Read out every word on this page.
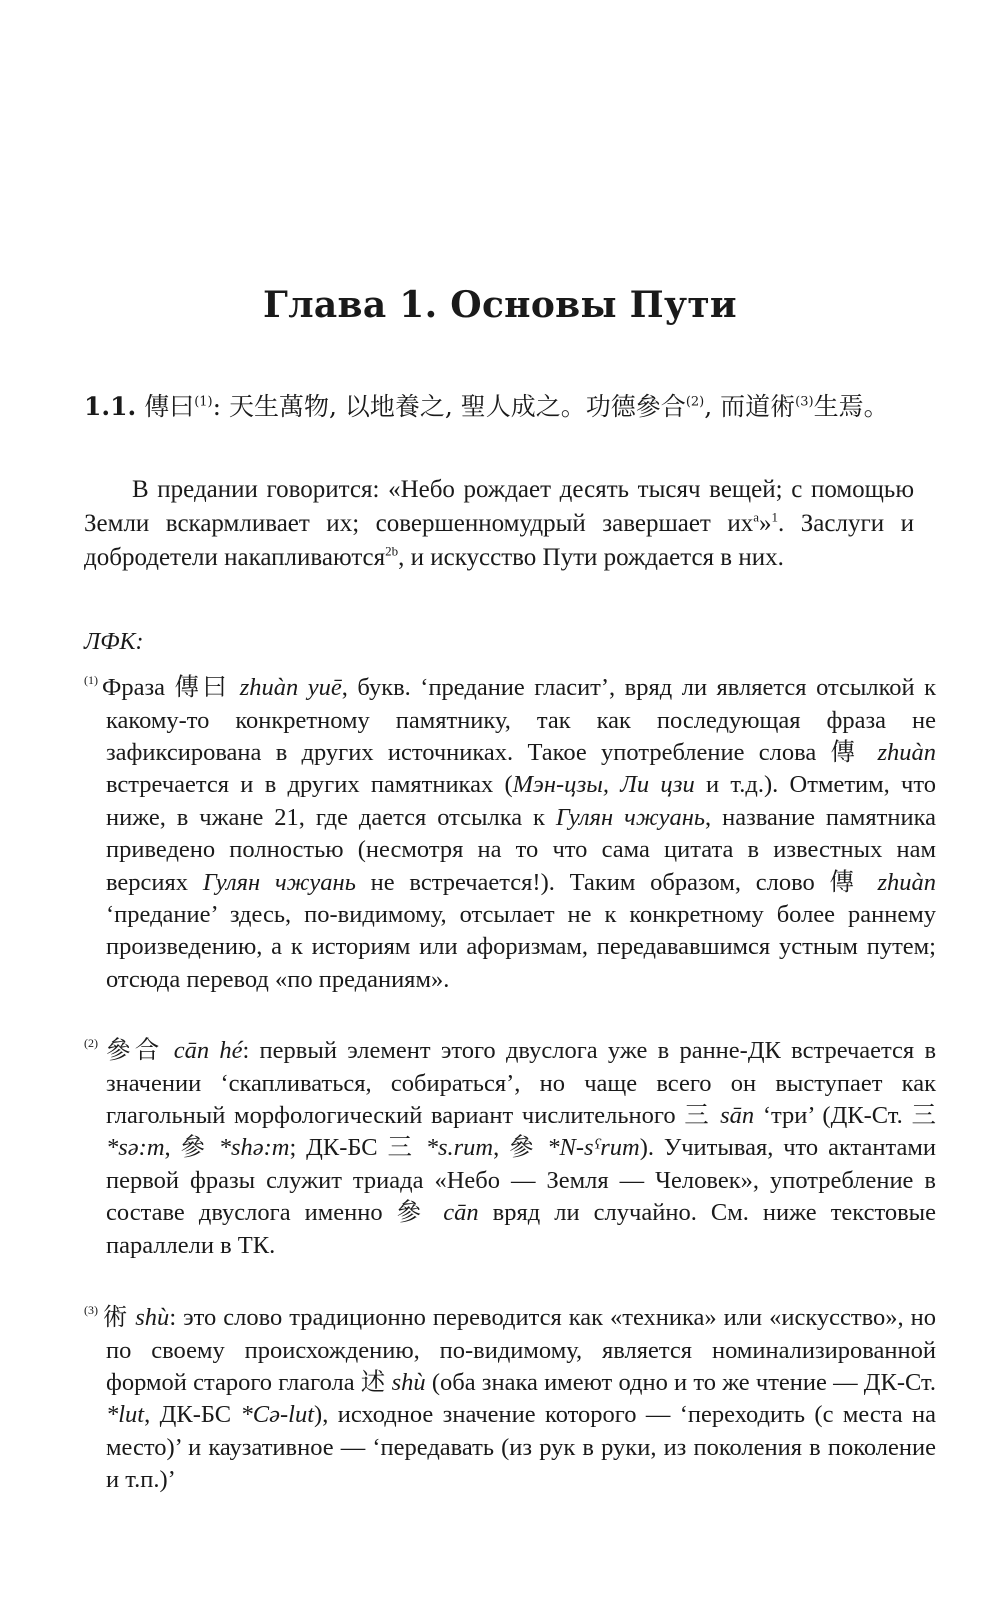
Глава 1. Основы Пути
1.1. 傳曰$^{(1)}$: 天生萬物, 以地養之, 聖人成之。功德參合$^{(2)}$, 而道術$^{(3)}$生焉。
В предании говорится: «Небо рождает десять тысяч вещей; с помощью Земли вскармливает их; совершенномудрый завершает $их^a»^1$. Заслуги и добродетели накапливаются$^{2b}$, и искусство Пути рождается в них.
ЛФК:
$^{(1)}$ Фраза 傳曰 zhuàn yuē, букв. ‘предание гласит’, вряд ли является отсылкой к какому-то конкретному памятнику, так как последующая фраза не зафиксирована в других источниках. Такое употребление слова 傳 zhuàn встречается и в других памятниках (Мэн-цзы, Ли цзи и т.д.). Отметим, что ниже, в чжане 21, где дается отсылка к Гулян чжуань, название памятника приведено полностью (несмотря на то что сама цитата в известных нам версиях Гулян чжуань не встречается!). Таким образом, слово 傳 zhuàn ‘предание’ здесь, по-видимому, отсылает не к конкретному более раннему произведению, а к историям или афоризмам, передававшимся устным путем; отсюда перевод «по преданиям».
$^{(2)}$ 參合 cān hé: первый элемент этого двуслога уже в ранне-ДК встречается в значении ‘скапливаться, собираться’, но чаще всего он выступает как глагольный морфологический вариант числительного 三 sān ‘три’ (ДК-Ст. 三 *sə:m, 參 *shə:m; ДК-БС 三 *s.rum, 參 *N-sˤrum). Учитывая, что актантами первой фразы служит триада «Небо — Земля — Человек», употребление в составе двуслога именно 參 cān вряд ли случайно. См. ниже текстовые параллели в ТК.
$^{(3)}$ 術 shù: это слово традиционно переводится как «техника» или «искусство», но по своему происхождению, по-видимому, является номинализированной формой старого глагола 述 shù (оба знака имеют одно и то же чтение — ДК-Ст. *lut, ДК-БС *Cə-lut), исходное значение которого — ‘переходить (с места на место)’ и каузативное — ‘передавать (из рук в руки, из поколения в поколение и т.п.)’
